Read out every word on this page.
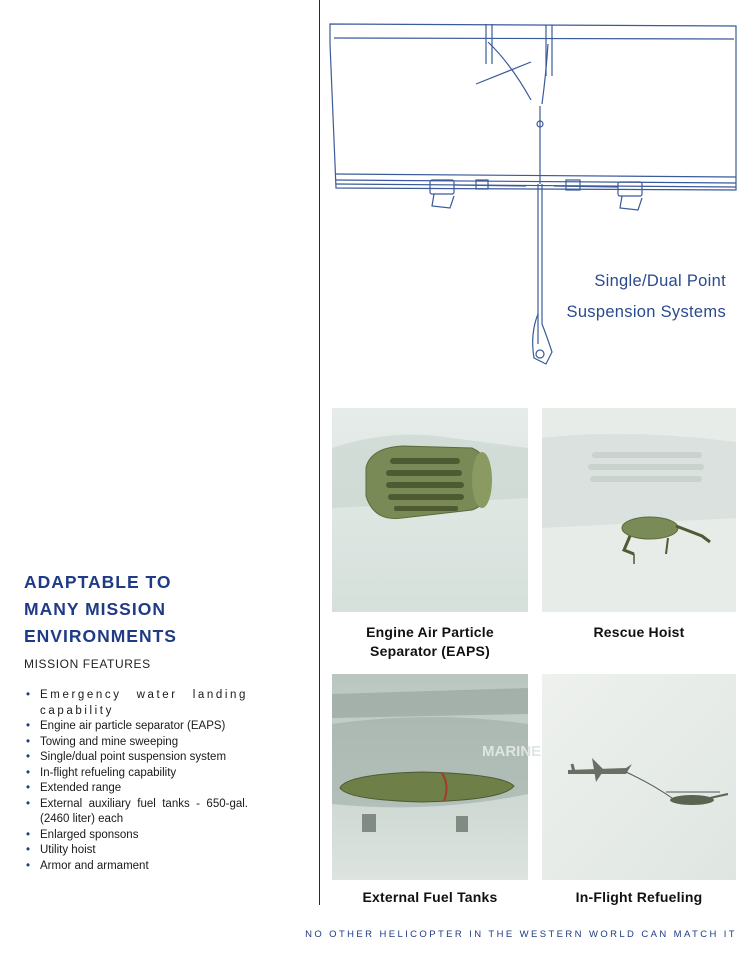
ADAPTABLE TO
MANY MISSION
ENVIRONMENTS
MISSION FEATURES
• Emergency water landing capability
• Engine air particle separator (EAPS)
• Towing and mine sweeping
• Single/dual point suspension system
• In-flight refueling capability
• Extended range
• External auxiliary fuel tanks - 650-gal. (2460 liter) each
• Enlarged sponsons
• Utility hoist
• Armor and armament
Single/Dual Point
Suspension Systems
Engine Air Particle
Separator (EAPS)
Rescue Hoist
MARINE
External Fuel Tanks	In-Flight Refueling
NO OTHER HELICOPTER IN THE WESTERN WORLD CAN MATCH IT
